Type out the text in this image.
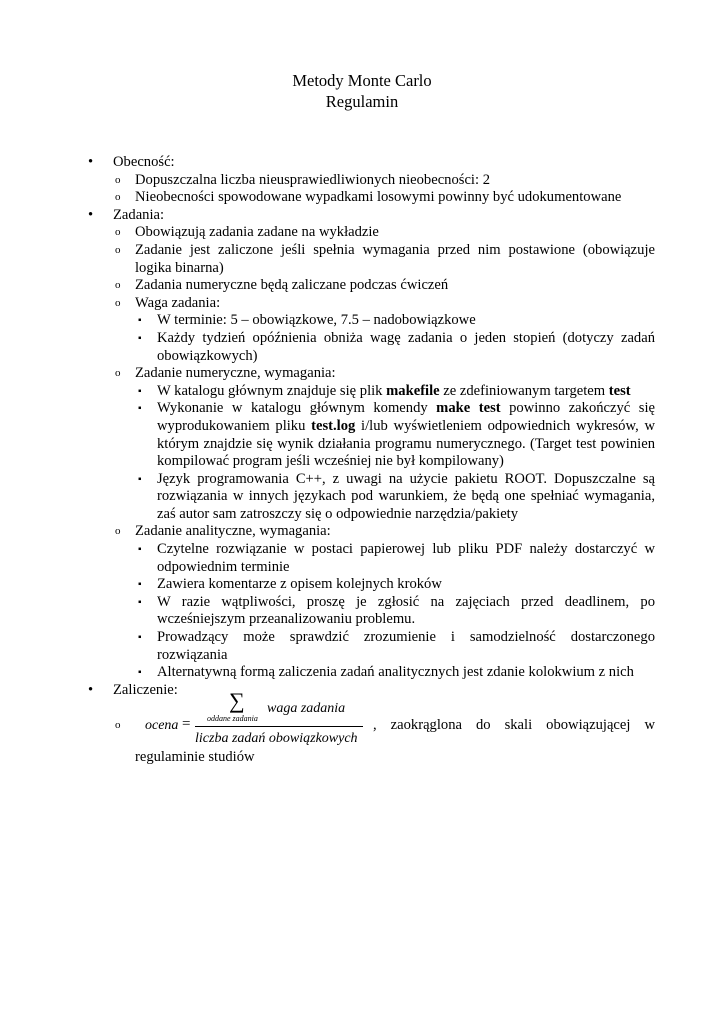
Metody Monte Carlo
Regulamin
• Obecność:
o Dopuszczalna liczba nieusprawiedliwionych nieobecności: 2
o Nieobecności spowodowane wypadkami losowymi powinny być udokumentowane
• Zadania:
o Obowiązują zadania zadane na wykładzie
o Zadanie jest zaliczone jeśli spełnia wymagania przed nim postawione (obowiązuje logika binarna)
o Zadania numeryczne będą zaliczane podczas ćwiczeń
o Waga zadania:
▪ W terminie: 5 – obowiązkowe, 7.5 – nadobowiązkowe
▪ Każdy tydzień opóźnienia obniża wagę zadania o jeden stopień (dotyczy zadań obowiązkowych)
o Zadanie numeryczne, wymagania:
▪ W katalogu głównym znajduje się plik makefile ze zdefiniowanym targetem test
▪ Wykonanie w katalogu głównym komendy make test powinno zakończyć się wyprodukowaniem pliku test.log i/lub wyświetleniem odpowiednich wykresów, w którym znajdzie się wynik działania programu numerycznego. (Target test powinien kompilować program jeśli wcześniej nie był kompilowany)
▪ Język programowania C++, z uwagi na użycie pakietu ROOT. Dopuszczalne są rozwiązania w innych językach pod warunkiem, że będą one spełniać wymagania, zaś autor sam zatroszczy się o odpowiednie narzędzia/pakiety
o Zadanie analityczne, wymagania:
▪ Czytelne rozwiązanie w postaci papierowej lub pliku PDF należy dostarczyć w odpowiednim terminie
▪ Zawiera komentarze z opisem kolejnych kroków
▪ W razie wątpliwości, proszę je zgłosić na zajęciach przed deadlinem, po wcześniejszym przeanalizowaniu problemu.
▪ Prowadzący może sprawdzić zrozumienie i samodzielność dostarczonego rozwiązania
▪ Alternatywną formą zaliczenia zadań analitycznych jest zdanie kolokwium z nich
• Zaliczenie:
o ocena =
∑
oddane zadania
waga zadania
liczba zadań obowiązkowych
, zaokrąglona do skali obowiązującej w
regulaminie studiów
